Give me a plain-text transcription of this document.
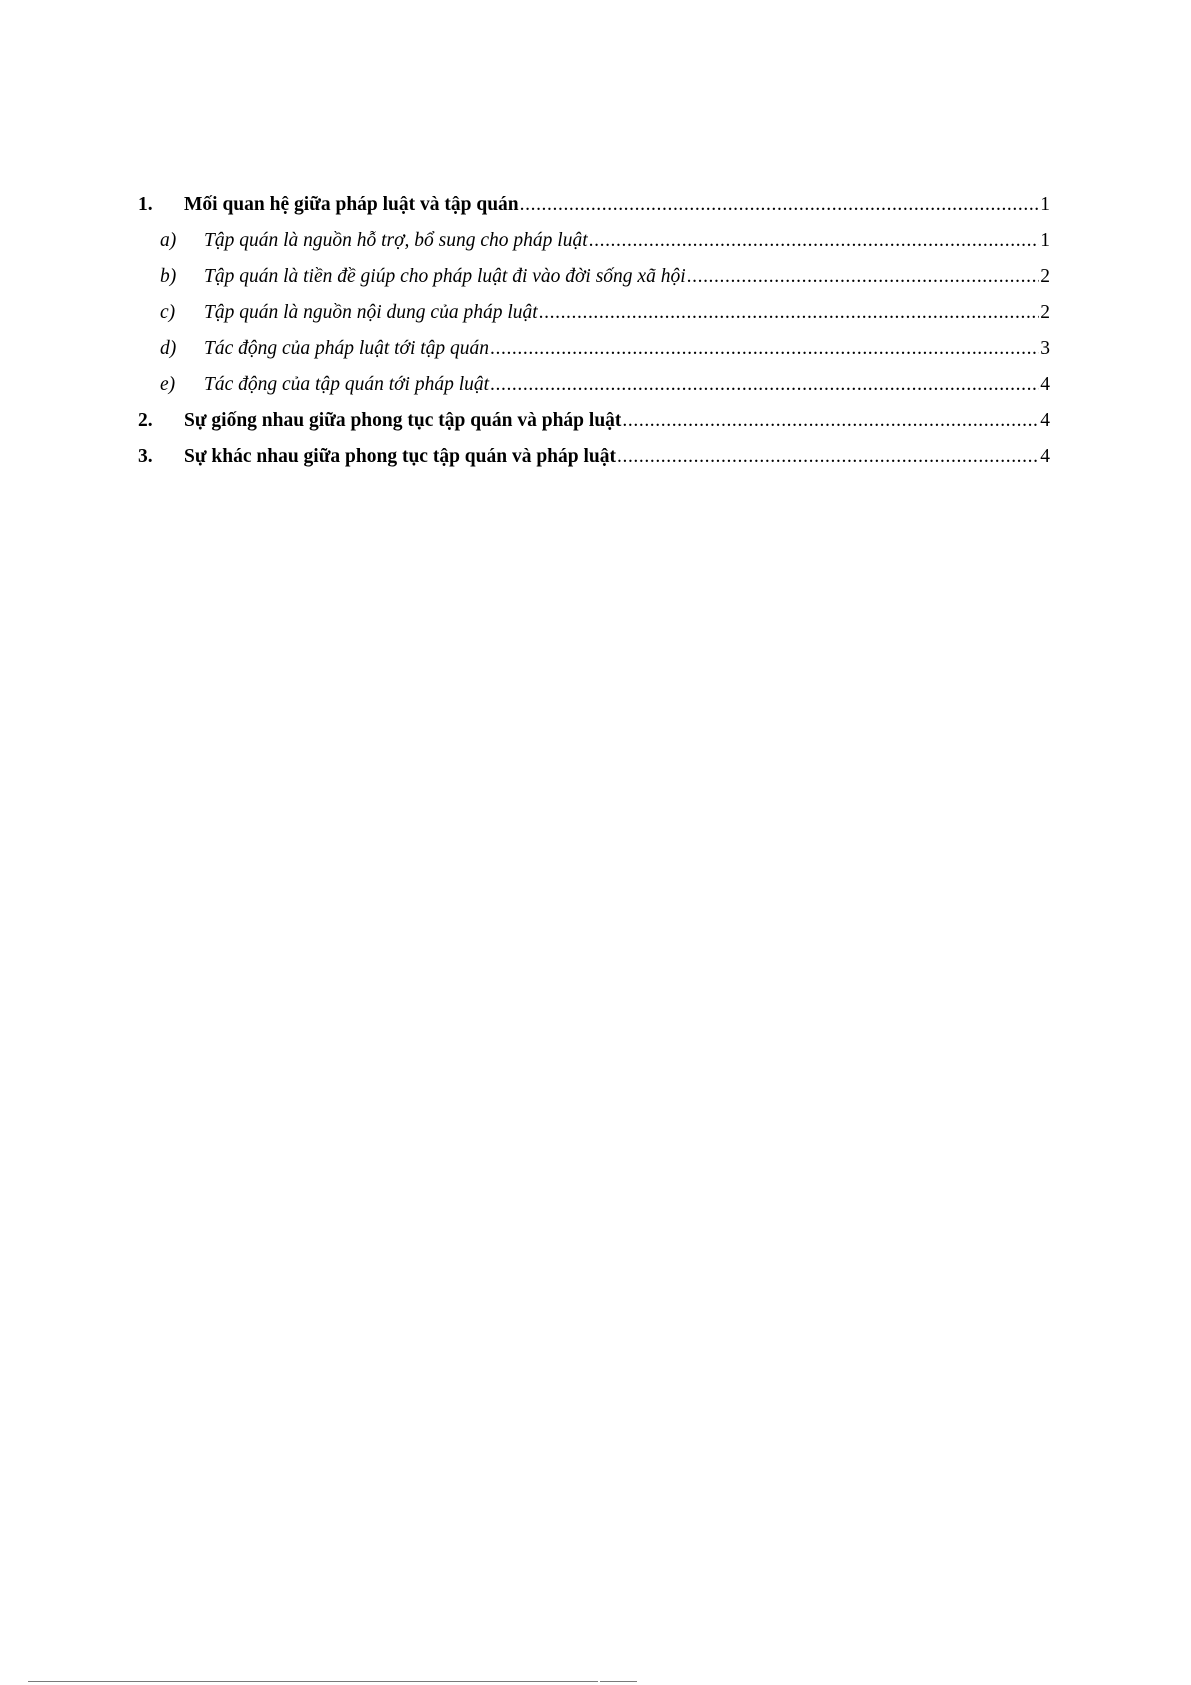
1.	Mối quan hệ giữa pháp luật và tập quán .....	1
a)	Tập quán là nguồn hỗ trợ, bổ sung cho pháp luật .....	1
b)	Tập quán là tiền đề giúp cho pháp luật đi vào đời sống xã hội .....	2
c)	Tập quán là nguồn nội dung của pháp luật .....	2
d)	Tác động của pháp luật tới tập quán .....	3
e)	Tác động của tập quán tới pháp luật .....	4
2.	Sự giống nhau giữa phong tục tập quán và pháp luật .....	4
3.	Sự khác nhau giữa phong tục tập quán và pháp luật .....	4
